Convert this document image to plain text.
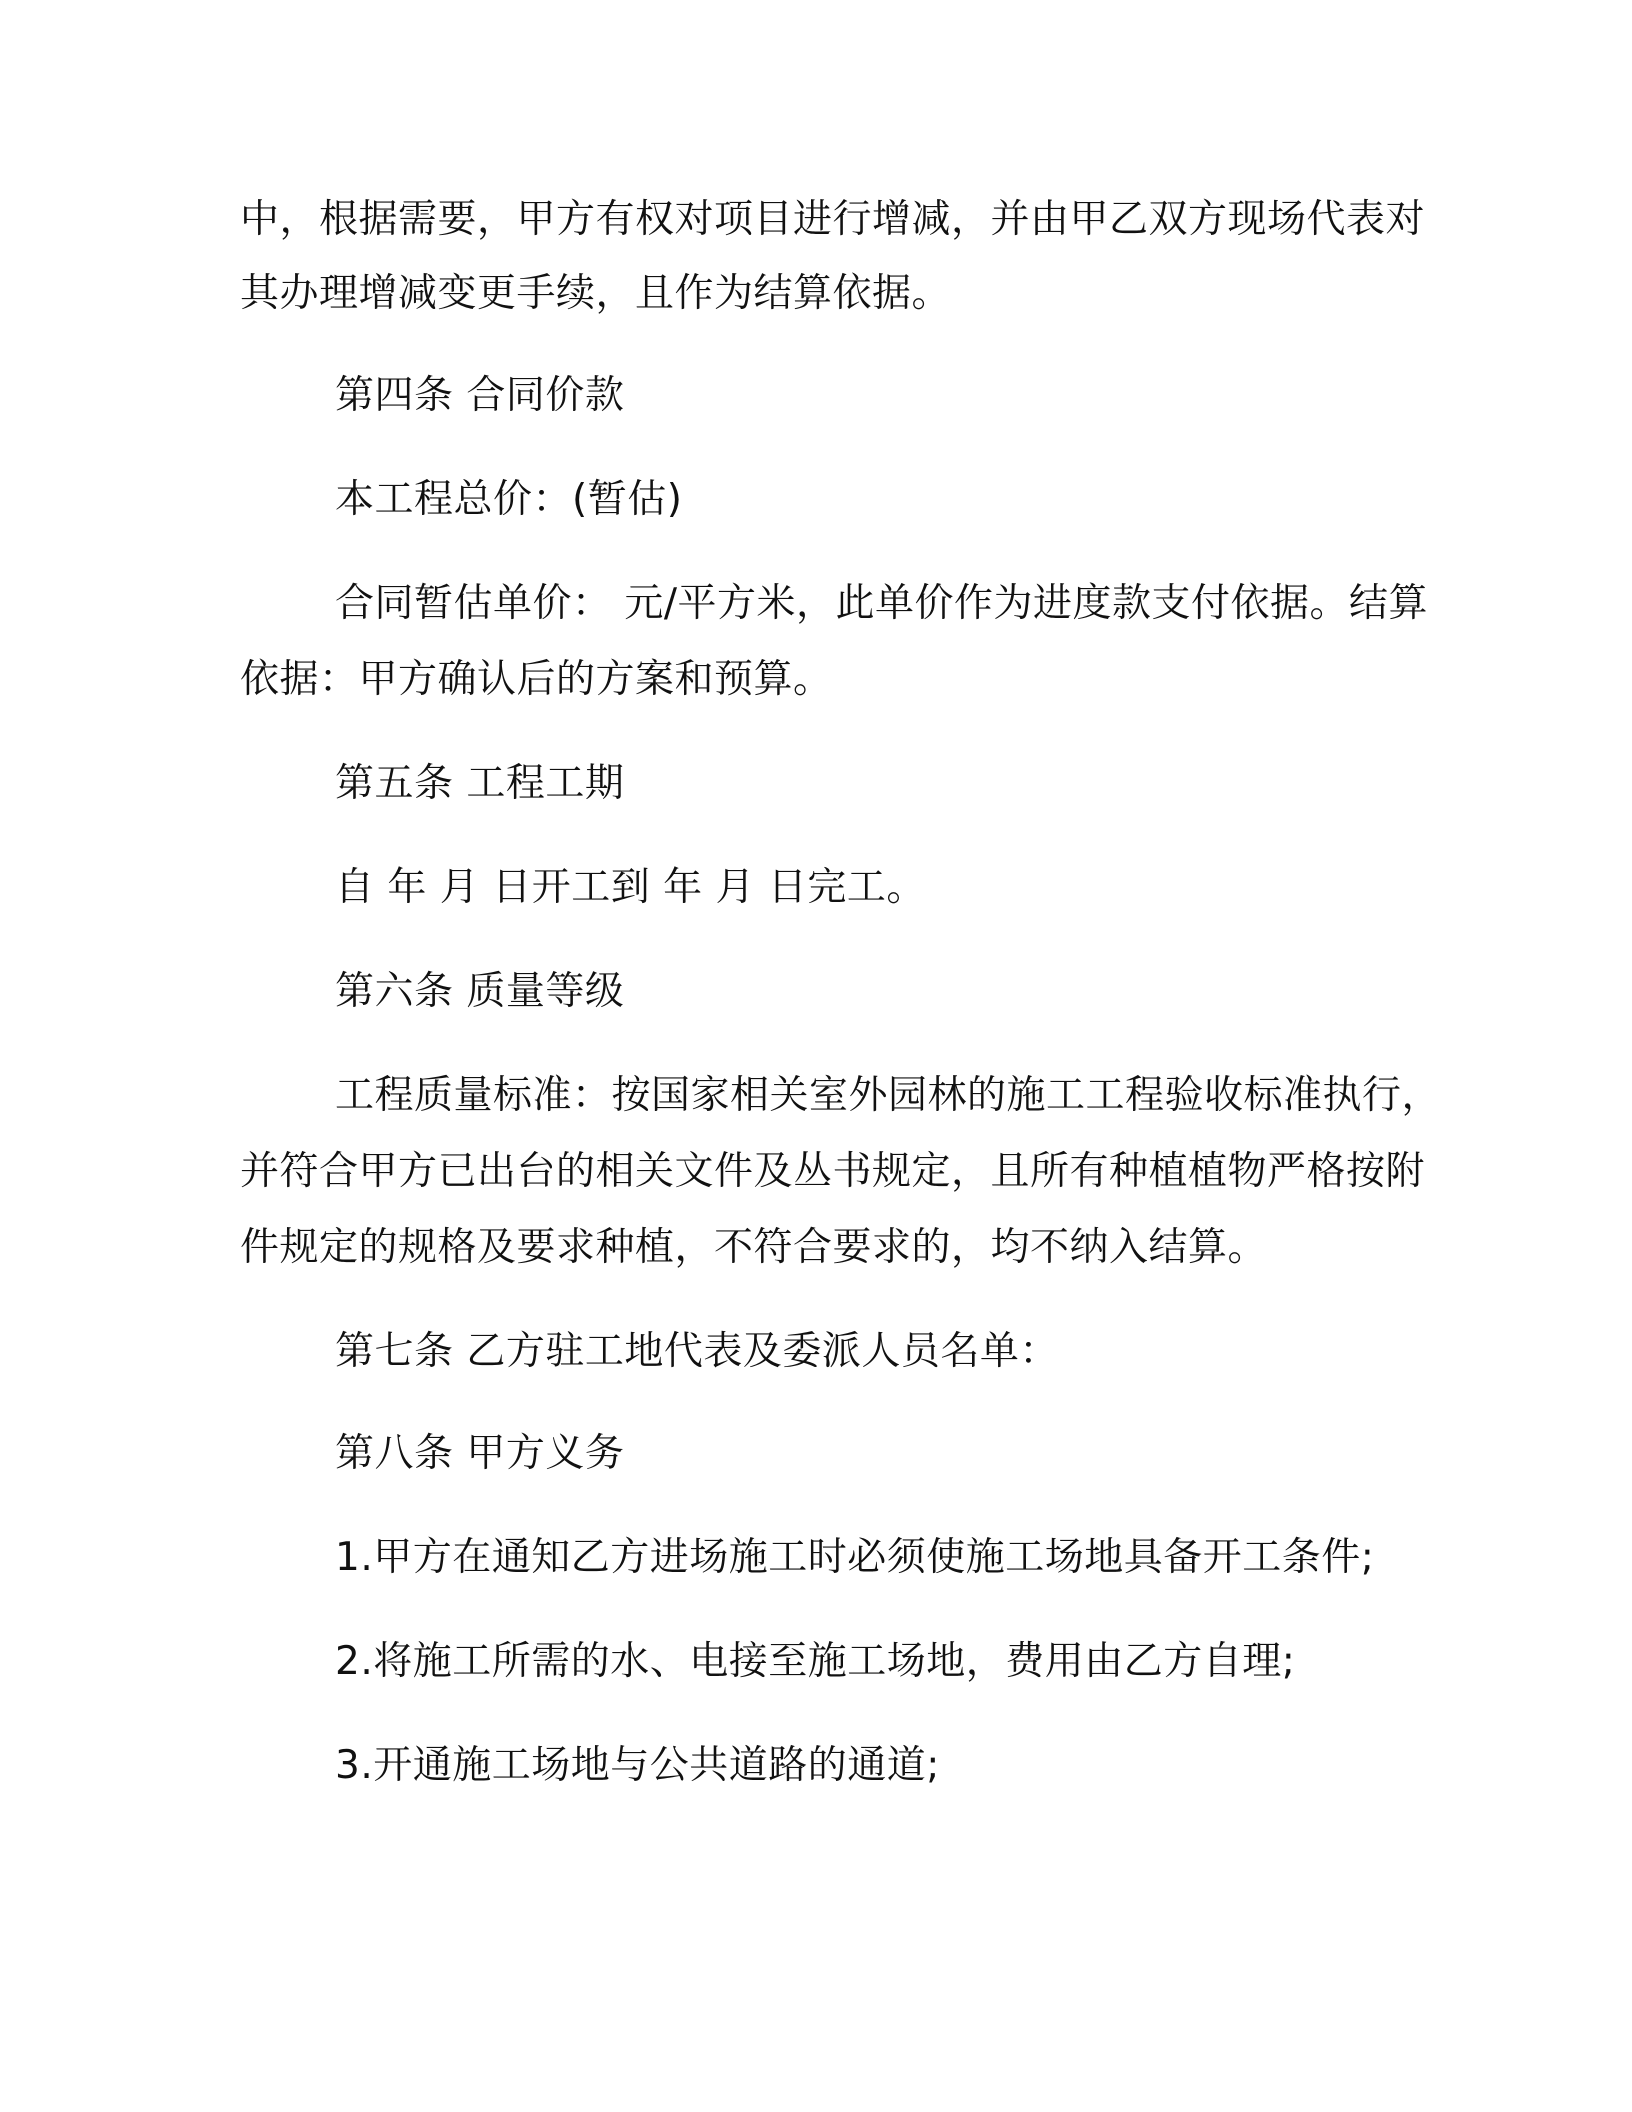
中，根据需要，甲方有权对项目进行增减，并由甲乙双方现场代表对

其办理增减变更手续，且作为结算依据。

第四条 合同价款

本工程总价：(暂估)

合同暂估单价： 元/平方米，此单价作为进度款支付依据。结算

依据：甲方确认后的方案和预算。

第五条 工程工期

自 年 月 日开工到 年 月 日完工。

第六条 质量等级

工程质量标准：按国家相关室外园林的施工工程验收标准执行，

并符合甲方已出台的相关文件及丛书规定，且所有种植植物严格按附

件规定的规格及要求种植，不符合要求的，均不纳入结算。

第七条 乙方驻工地代表及委派人员名单：

第八条 甲方义务

1.甲方在通知乙方进场施工时必须使施工场地具备开工条件;

2.将施工所需的水、电接至施工场地，费用由乙方自理;

3.开通施工场地与公共道路的通道;
